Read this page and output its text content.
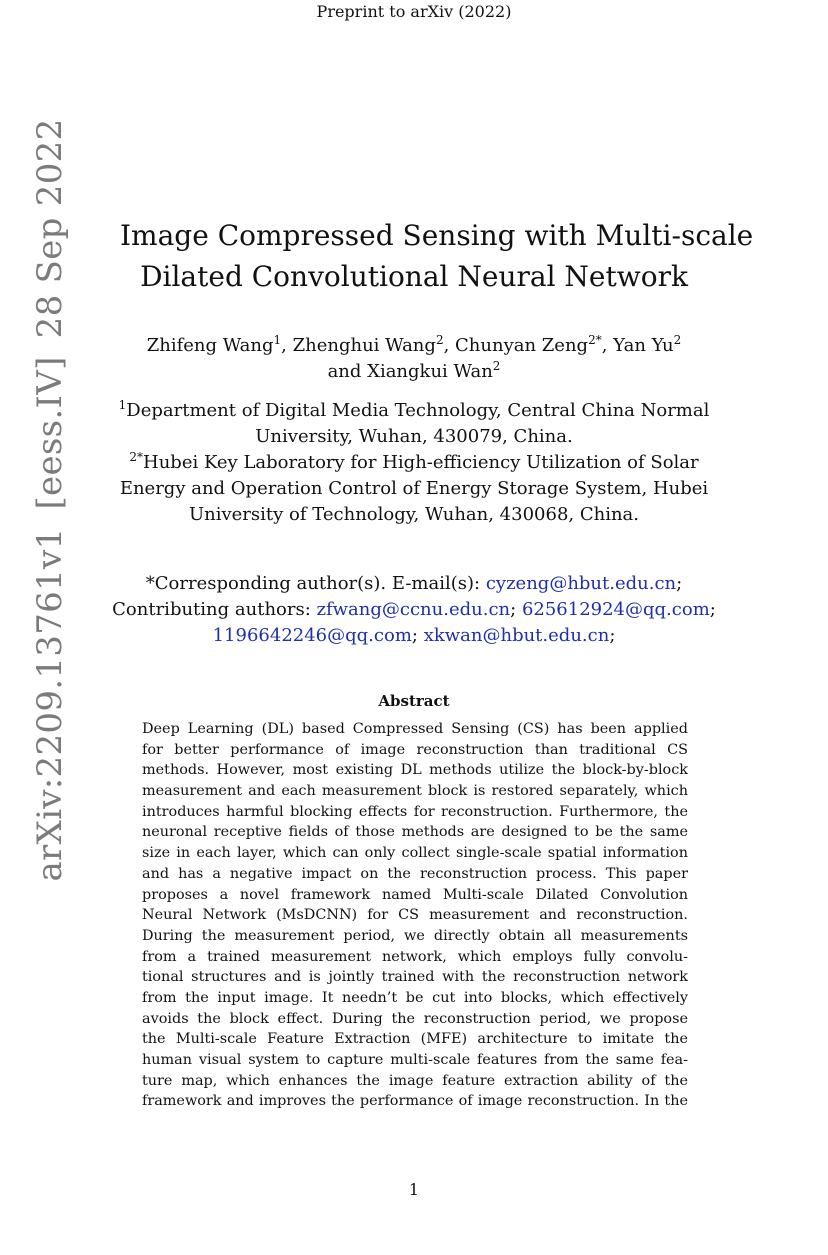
Preprint to arXiv (2022)
arXiv:2209.13761v1[eess.IV]28 Sep 2022 Image Compressed Sensing with Multi-scale
Dilated Convolutional Neural Network
Zhifeng Wang$^1$, Zhenghui Wang$^2$, Chunyan Zeng$^{2*}$, Yan Yu$^2$
and Xiangkui Wan$^2$
$^1$Department of Digital Media Technology, Central China Normal
University, Wuhan, 430079, China.
$^{2*}$Hubei Key Laboratory for High-efficiency Utilization of Solar
Energy and Operation Control of Energy Storage System, Hubei
University of Technology, Wuhan, 430068, China.
*Corresponding author(s). E-mail(s): cyzeng@hbut.edu.cn;
Contributing authors: zfwang@ccnu.edu.cn; 625612924@qq.com;
1196642246@qq.com; xkwan@hbut.edu.cn;
Abstract
Deep Learning (DL) based Compressed Sensing (CS) has been applied
for better performance of image reconstruction than traditional CS
methods. However, most existing DL methods utilize the block-by-block
measurement and each measurement block is restored separately, which
introduces harmful blocking effects for reconstruction. Furthermore, the
neuronal receptive fields of those methods are designed to be the same
size in each layer, which can only collect single-scale spatial information
and has a negative impact on the reconstruction process. This paper
proposes a novel framework named Multi-scale Dilated Convolution
Neural Network (MsDCNN) for CS measurement and reconstruction.
During the measurement period, we directly obtain all measurements
from a trained measurement network, which employs fully convolu-
tional structures and is jointly trained with the reconstruction network
from the input image. It needn’t be cut into blocks, which effectively
avoids the block effect. During the reconstruction period, we propose
the Multi-scale Feature Extraction (MFE) architecture to imitate the
human visual system to capture multi-scale features from the same fea-
ture map, which enhances the image feature extraction ability of the
framework and improves the performance of image reconstruction. In the
1
